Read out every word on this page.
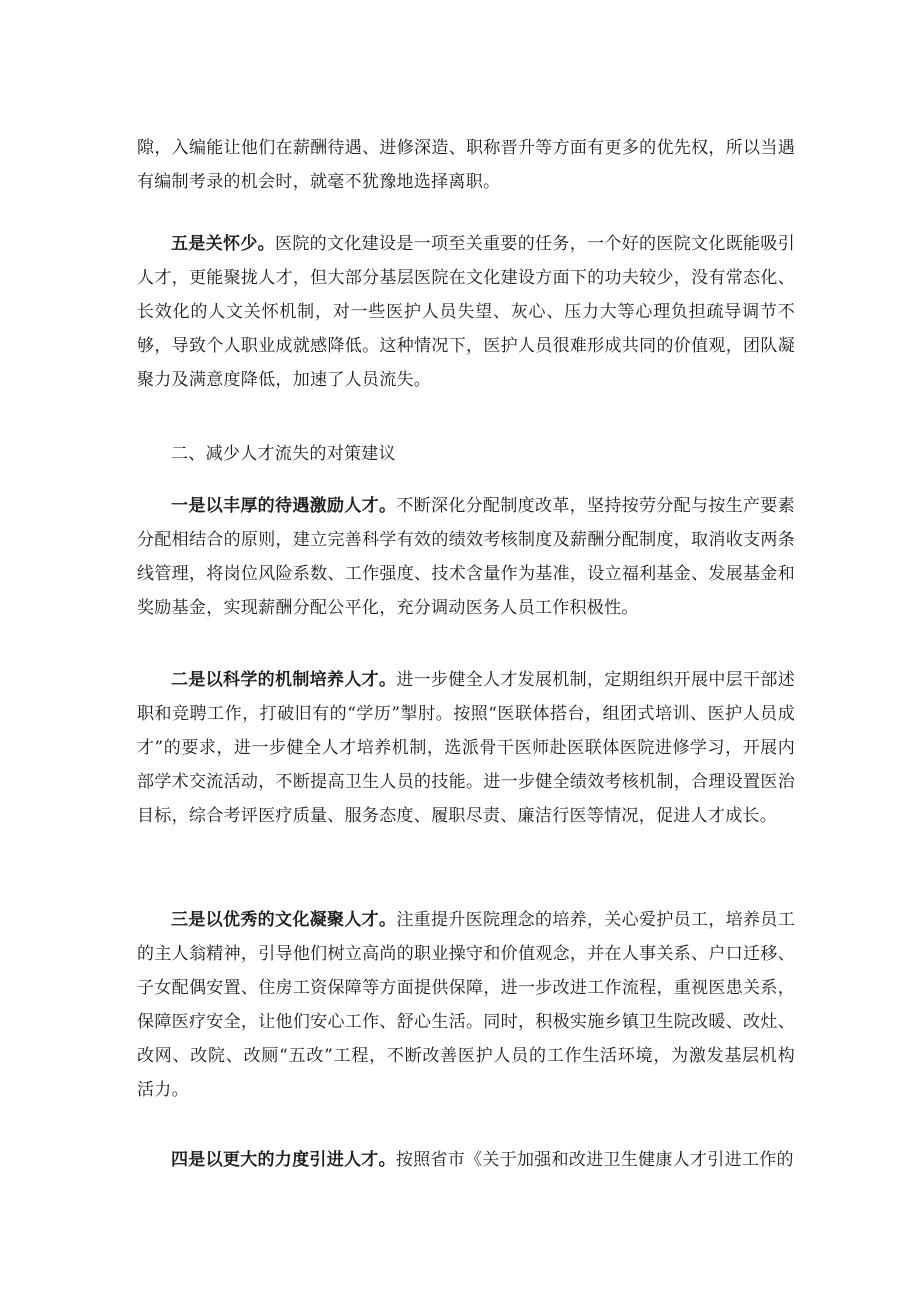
隙，入编能让他们在薪酬待遇、进修深造、职称晋升等方面有更多的优先权，所以当遇有编制考录的机会时，就毫不犹豫地选择离职。

五是关怀少。医院的文化建设是一项至关重要的任务，一个好的医院文化既能吸引人才，更能聚拢人才，但大部分基层医院在文化建设方面下的功夫较少，没有常态化、长效化的人文关怀机制，对一些医护人员失望、灰心、压力大等心理负担疏导调节不够，导致个人职业成就感降低。这种情况下，医护人员很难形成共同的价值观，团队凝聚力及满意度降低，加速了人员流失。

二、减少人才流失的对策建议

一是以丰厚的待遇激励人才。不断深化分配制度改革，坚持按劳分配与按生产要素分配相结合的原则，建立完善科学有效的绩效考核制度及薪酬分配制度，取消收支两条线管理，将岗位风险系数、工作强度、技术含量作为基准，设立福利基金、发展基金和奖励基金，实现薪酬分配公平化，充分调动医务人员工作积极性。

二是以科学的机制培养人才。进一步健全人才发展机制，定期组织开展中层干部述职和竞聘工作，打破旧有的“学历”掣肘。按照“医联体搭台，组团式培训、医护人员成才”的要求，进一步健全人才培养机制，选派骨干医师赴医联体医院进修学习，开展内部学术交流活动，不断提高卫生人员的技能。进一步健全绩效考核机制，合理设置医治目标，综合考评医疗质量、服务态度、履职尽责、廉洁行医等情况，促进人才成长。

三是以优秀的文化凝聚人才。注重提升医院理念的培养，关心爱护员工，培养员工的主人翁精神，引导他们树立高尚的职业操守和价值观念，并在人事关系、户口迁移、子女配偶安置、住房工资保障等方面提供保障，进一步改进工作流程，重视医患关系，保障医疗安全，让他们安心工作、舒心生活。同时，积极实施乡镇卫生院改暖、改灶、改网、改院、改厕“五改”工程，不断改善医护人员的工作生活环境，为激发基层机构活力。

四是以更大的力度引进人才。按照省市《关于加强和改进卫生健康人才引进工作的
